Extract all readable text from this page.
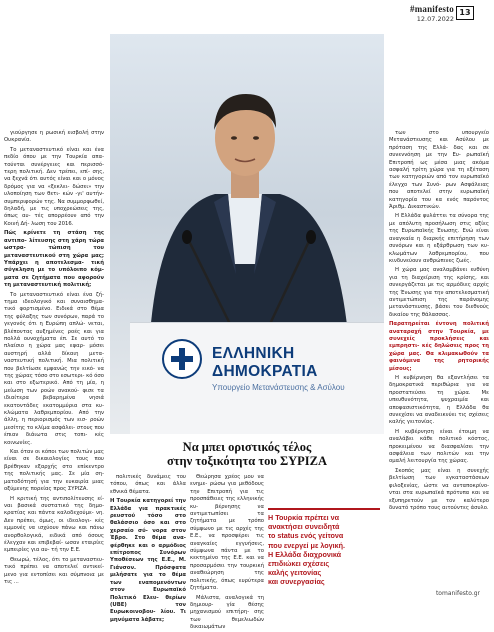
#manifesto
12.07.2022
13

γιούργησε η ρωσική εισβολή στην Ουκρανία.

Το μεταναστευτικό είναι και ένα πεδίο όπου με την Τουρκία απα- τούνται συνέργειες και περισσό- τερη πολιτική. Δεν τρέπει, επί- σης, να ξεχνά ότι αυτός είναι και ο μόνος δρόμος για να «ξεκλει- δώσει» την υλοποίηση των θετι- κών -γι' αυτήν- συμπεριφορών της. Να συμμορφωθεί, δηλαδή, με τις υποχρεώσεις της, όπως αυ- τές απορρέουν από την Κοινή Δή- λωση του 2016.

Πώς κρίνετε τη στάση της αντιπο- λίτευσης στη χάρη τώρα ωστρα- τώπιση του μεταναστευτικού στη χώρα μας; Υπάρχει η αποτελεσμα- τική σύγκληση με το υπόλοιπο κόμ- ματα σε ζητήματα που αφορούν τη μεταναστευτική πολιτική;

Το μεταναστευτικό είναι ένα ζή- τημα ιδεολογικό και συναισθημα- τικό φορτισμένο. Ειδικά στο θέμα της φύλαξης των συνόρων, παρά το γεγονός ότι η Ευρώπη απλώ- νεται, βλέποντας αυξημένες ροές και για πολλά ουνοχήματα έπ. Σε αυτό το πλαίσιο η χώρα μας εφαρ- μόσει αυστηρή αλλά δίκαιη μετα- ναστευτική πολιτική. Μια πολιτική που βελτίωσε εμφανώς την εικό- να της χώρας τόσο στο εσωτερι- κό όσο και στο εξωτερικό. Από τη μία, η μείωση των ροών ανακού- φισε τα ιδιαίτερα βεβαρημένα νησιά εκατοντάδες εκατομμύρια στα κυ- κλώματα λαθρεμπορίου. Από την άλλη, η περιορισμός των εισ- ροών μεσίτης το κλίμα ασφάλει- στους που έπιαν διάιωτα στις τοπι- κές κοινωνίες.

Και όταν οι κόποι των πολιτών μας είναι σε δικαιολογίες τους που βρέθηκαν εξαρχής στο επίκεντρο της πολιτικής μας. Σε μία ση- ματοδότησή για την ευκαιρία μιας οξύμενης πορείας προς ΣΥΡΙΖΑ.

Η κριτική της αντιπολίτευσης εί- ναι βασικά συστατικό της δημο- κρατίας και πάντα καλοδεχούμε- νη. Δεν πρέπει, όμως, οι ιδεολογι- κές εμμονές να ισχύουν πάνω και πάνω ανορθολογικά, ειδικά από όσους έλεγχαν και επιβεβαί- ωσαν εταιρίες εμπειρίες για αυ- τή την Ε.Ε.

Θεωρώ, τέλος, ότι το μεταναστευ- τικό πρέπει να αποτελεί αντικεί- μενο για εντοπίσει και σύμπνοια με τις ...

των στο υπουργείο Μετανάστευσης και Ασύλου με πρόταση της Ελλά- δας και σε συνεννόηση με την Ευ- ρωπαϊκή Επιτροπή ως μέσα μιας ακόμα ασφαλή τρίτη χώρα για τη εξέταση των κατηγοριών από τον ευρωπαϊκό έλεγχο των Συνό- ρων Ασφάλειας που αποτελεί στην ευρωπαϊκή κατηγορία του κα ενός παρόντος Άριθμ. Δικαστικών.

Η Ελλάδα φυλάττει τα σύνορα της με απόλυτη προσήλωση στις αξίες της Ευρωπαϊκής Ένωσης. Ενώ είναι αναγκαία η διαρκής επιτήρηση των συνόρων και η εξάρθρωση των κυ- κλωμάτων λαθρεμπορίου, που κινδυνεύουν ανθρώπινες ζωές.

Η χώρα μας αναλαμβάνει ευθύνη για τη διαχείριση της κρίσης, και συνεργάζεται με τις αρμόδιες αρχές της Ένωσης για την αποτελεσματική αντιμετώπιση της παράνομης μετανάστευσης, βάσει του διεθνούς δικαίου της θάλασσας.

Παρατηρείται έντονη πολιτική αναταραχή στην Τουρκία, με συνεχείς προκλήσεις και εμπρηστι- κές δηλώσεις προς τη χώρα μας. Θα κλιμακωθούν τα φαινόμενα της ρητορικής μίσους;

Η κυβέρνηση θα εξαντλήσει τα δημοκρατικά περιθώρια για να προστατεύσει τη χώρα. Με υπευθυνότητα, ψυχραιμία και αποφασιστικότητα, η Ελλάδα θα συνεχίσει να αναδεικνύει τις σχέσεις καλής γειτονίας.

Η κυβέρνηση είναι έτοιμη να αναλάβει κάθε πολιτικό κόστος, προκειμένου να διασφαλίσει την ασφάλεια των πολιτών και την ομαλή λειτουργία της χώρας.

Σκοπός μας είναι η συνεχής βελτίωση των εγκαταστάσεων φιλοξενίας, ώστε να ανταποκρίνο- νται στα ευρωπαϊκά πρότυπα και να εξυπηρετούν με τον καλύτερο δυνατό τρόπο τους αιτούντες άσυλο.

πολιτικές δυνάμεις του τόπου, όπως και άλλα εθνικά θέματα.

Η Τουρκία κατηγορεί την Ελλάδα για πρακτικές ρευστού τόσο στο θαλάσσιο όσο και στο χερσαίο σύ- νορα στον Έβρο. Στο θέμα ανα- φέρθηκε και ο αρμόδιος επίτροπος Συνόρων Υποθέσεων της Ε.Ε., Μ. Γιάνσον. Πρόσφατα μιλήσατε για το θέμα των εναπομενόντων στον Ευρωπαϊκό Πολιτικό Ελευ- θερίων (UBE) τον Ευρωκοινοβου- λίου. Τι μηνύματα λάβατε;

Θεώρησα χρέος μου να ενημε- ρώσω για μεθόδους την Επιτροπή για τις προσπάθειες της ελληνικής κυ- βέρνησης να αντιμετωπίσει τα ζητήματα με τρόπο σύμφωνο με τις αρχές της Ε.Ε., να προσφέρει τις αναγκαίες εγγυήσεις, σύμφωνα πάντα με το κεκτημένο της Ε.Ε. και να προσαρμόσει την τουρκική αναθεώρηση της πολιτικής, όπως ευρύτερα ζητήματα.

Μάλιστα, αναλογικά τη δημιουρ- γία θέσης μηχανισμού επιτήρη- σης των θεμελιωδών δικαιωμάτων

ΕΛΛΗΝΙΚΗ ΔΗΜΟΚΡΑΤΙΑ
Υπουργείο Μετανάστευσης & Ασύλου
Να μπει οριστικός τέλος
στην τοξικότητα του ΣΥΡΙΖΑ
Η Τουρκία πρέπει να
ανακτήσει συνειδητά
το status ενός γείτονα
που ενεργεί με λογική.
Η Ελλάδα διαχρονικά
επιδιώκει σχέσεις
καλής γειτονίας
και συνεργασίας
tomanifesto.gr
